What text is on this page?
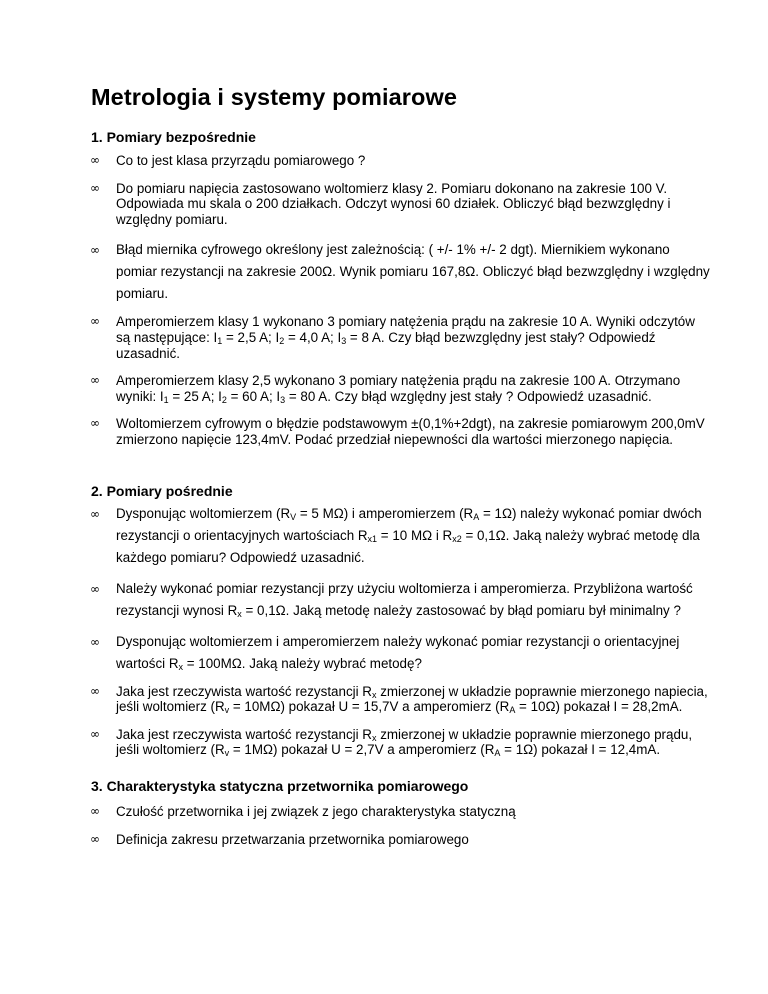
Metrologia i systemy pomiarowe
1. Pomiary bezpośrednie
∞ Co to jest klasa przyrządu pomiarowego ?
∞ Do pomiaru napięcia zastosowano woltomierz klasy 2. Pomiaru dokonano na zakresie 100 V. Odpowiada mu skala o 200 działkach. Odczyt wynosi 60 działek. Obliczyć błąd bezwzględny i względny pomiaru.
∞ Błąd miernika cyfrowego określony jest zależnością: ( +/- 1% +/- 2 dgt). Miernikiem wykonano pomiar rezystancji na zakresie 200Ω. Wynik pomiaru 167,8Ω. Obliczyć błąd bezwzględny i względny pomiaru.
∞ Amperomierzem klasy 1 wykonano 3 pomiary natężenia prądu na zakresie 10 A. Wyniki odczytów są następujące: $I_1 = 2,5$ A; $I_2 = 4,0$ A; $I_3 = 8$ A. Czy błąd bezwzględny jest stały? Odpowiedź uzasadnić.
∞ Amperomierzem klasy 2,5 wykonano 3 pomiary natężenia prądu na zakresie 100 A. Otrzymano wyniki: $I_1 = 25$ A; $I_2 = 60$ A; $I_3 = 80$ A. Czy błąd względny jest stały ? Odpowiedź uzasadnić.
∞ Woltomierzem cyfrowym o błędzie podstawowym ±(0,1%+2dgt), na zakresie pomiarowym 200,0mV zmierzono napięcie 123,4mV. Podać przedział niepewności dla wartości mierzonego napięcia.
2. Pomiary pośrednie
∞ Dysponując woltomierzem ($R_V = 5$ MΩ) i amperomierzem $(R_A = 1\Omega)$ należy wykonać pomiar dwóch rezystancji o orientacyjnych wartościach $R_{x1} = 10$ MΩ i $R_{x2} = 0,1\Omega$. Jaką należy wybrać metodę dla każdego pomiaru? Odpowiedź uzasadnić.
∞ Należy wykonać pomiar rezystancji przy użyciu woltomierza i amperomierza. Przybliżona wartość rezystancji wynosi $R_x = 0,1\Omega$. Jaką metodę należy zastosować by błąd pomiaru był minimalny ?
∞ Dysponując woltomierzem i amperomierzem należy wykonać pomiar rezystancji o orientacyjnej wartości $R_x = 100M\Omega$. Jaką należy wybrać metodę?
∞ Jaka jest rzeczywista wartość rezystancji $R_x$ zmierzonej w układzie poprawnie mierzonego napiecia, jeśli woltomierz $(R_v = 10M\Omega)$ pokazał U = 15,7V a amperomierz $(R_A = 10\Omega)$ pokazał I = 28,2mA.
∞ Jaka jest rzeczywista wartość rezystancji $R_x$ zmierzonej w układzie poprawnie mierzonego prądu, jeśli woltomierz $(R_v = 1M\Omega)$ pokazał U = 2,7V a amperomierz $(R_A = 1\Omega)$ pokazał I = 12,4mA.
3. Charakterystyka statyczna przetwornika pomiarowego
∞ Czułość przetwornika i jej związek z jego charakterystyka statyczną
∞ Definicja zakresu przetwarzania przetwornika pomiarowego
